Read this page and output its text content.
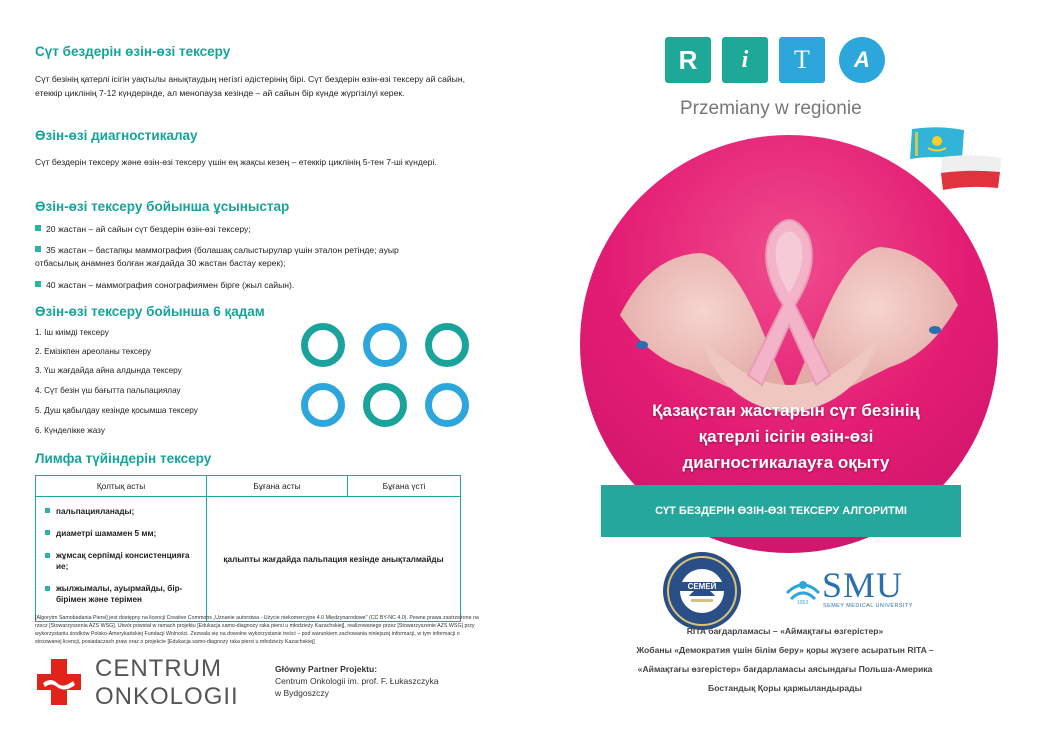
Сүт бездерін өзін-өзі тексеру

Сүт безінің қатерлі ісігін уақтылы анықтаудың негізгі әдістерінің бірі. Сүт бездерін өзін-өзі тексеру ай сайын, етеккір циклінің 7-12 күндерінде, ал менопауза кезінде – ай сайын бір күнде жүргізілуі керек.

Өзін-өзі диагностикалау

Сүт бездерін тексеру және өзін-өзі тексеру үшін ең жақсы кезең – етеккір циклінің 5-тен 7-ші күндері.

Өзін-өзі тексеру бойынша ұсыныстар
20 жастан – ай сайын сүт бездерін өзін-өзі тексеру;
35 жастан – бастапқы маммография (болашақ салыстырулар үшін эталон ретінде; ауыр отбасылық анамнез болған жағдайда 30 жастан бастау керек);
40 жастан – маммография сонографиямен бірге (жыл сайын).
Өзін-өзі тексеру бойынша 6 қадам
1. Іш киімді тексеру
2. Емізікпен ареоланы тексеру
3. Үш жағдайда айна алдында тексеру
4. Сүт безін үш бағытта пальпациялау
5. Душ қабылдау кезінде қосымша тексеру
6. Күнделікке жазу
Лимфа түйіндерін тексеру
Қолтық асты	Бұғана асты	Бұғана үсті

пальпацияланады;
диаметрі шамамен 5 мм;
жұмсақ серпімді консистенцияға ие;
жылжымалы, ауырмайды, бір-бірімен және терімен	қалыпты жағдайда пальпация кезінде анықталмайды	
[Algorytm Samobadania Piersi] jest dostępny na licencji Creative Commons „Uznanie autorstwa - Użycie niekomercyjne 4.0 Międzynarodowe" (CC BY-NC 4.0). Pewne prawa zastrzeżone na rzecz [Stowarzyszenia AZS WSG]. Utwór powstał w ramach projektu [Edukacja samo-diagnozy raka piersi u młodzieży Kazachskiej], realizowanego przez [Stowarzyszenie AZS WSG] przy wykorzystaniu środków Polsko-Amerykańskiej Fundacji Wolności. Zezwala się na dowolne wykorzystanie treści – pod warunkiem zachowania niniejszej informacji, w tym informacji o stosowanej licencji, posiadaczach praw oraz o projekcie [Edukacja samo-diagnozy raka piersi u młodzieży Kazachskiej]
CENTRUM
ONKOLOGII
Główny Partner Projektu:
Centrum Onkologii im. prof. F. Łukaszczyka
w Bydgoszczy
R	i	T	A
Przemiany w regionie
Қазақстан жастарын сүт безінің
қатерлі ісігін өзін-өзі
диагностикалауға оқыту
СҮТ БЕЗДЕРІН ӨЗІН-ӨЗІ ТЕКСЕРУ АЛГОРИТМІ
СЕМЕЙ
1953 SMU
SEMEY MEDICAL UNIVERSITY
RITA бағдарламасы – «Аймақтағы өзгерістер»
Жобаны «Демократия үшін білім беру» қоры жүзеге асыратын RITA –
«Аймақтағы өзгерістер» бағдарламасы аясындағы Польша-Америка
Бостандық Қоры қаржыландырады
